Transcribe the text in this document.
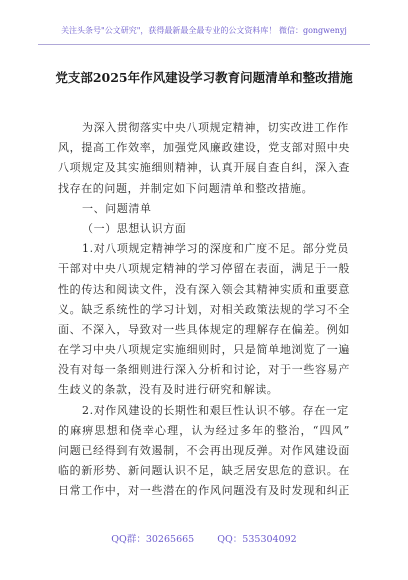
关注头条号"公文研究"，获得最新最全最专业的公文资料库！ 微信：gongwenyj
党支部2025年作风建设学习教育问题清单和整改措施
为深入贯彻落实中央八项规定精神，切实改进工作作
风，提高工作效率，加强党风廉政建设，党支部对照中央
八项规定及其实施细则精神，认真开展自查自纠，深入查
找存在的问题，并制定如下问题清单和整改措施。
一、问题清单
（一）思想认识方面
1.对八项规定精神学习的深度和广度不足。部分党员
干部对中央八项规定精神的学习停留在表面，满足于一般
性的传达和阅读文件，没有深入领会其精神实质和重要意
义。缺乏系统性的学习计划，对相关政策法规的学习不全
面、不深入，导致对一些具体规定的理解存在偏差。例如
在学习中央八项规定实施细则时，只是简单地浏览了一遍
没有对每一条细则进行深入分析和讨论，对于一些容易产
生歧义的条款，没有及时进行研究和解读。
2.对作风建设的长期性和艰巨性认识不够。存在一定
的麻痹思想和侥幸心理，认为经过多年的整治，“四风”
问题已经得到有效遏制，不会再出现反弹。对作风建设面
临的新形势、新问题认识不足，缺乏居安思危的意识。在
日常工作中，对一些潜在的作风问题没有及时发现和纠正
QQ群：30265665 QQ：535304092
